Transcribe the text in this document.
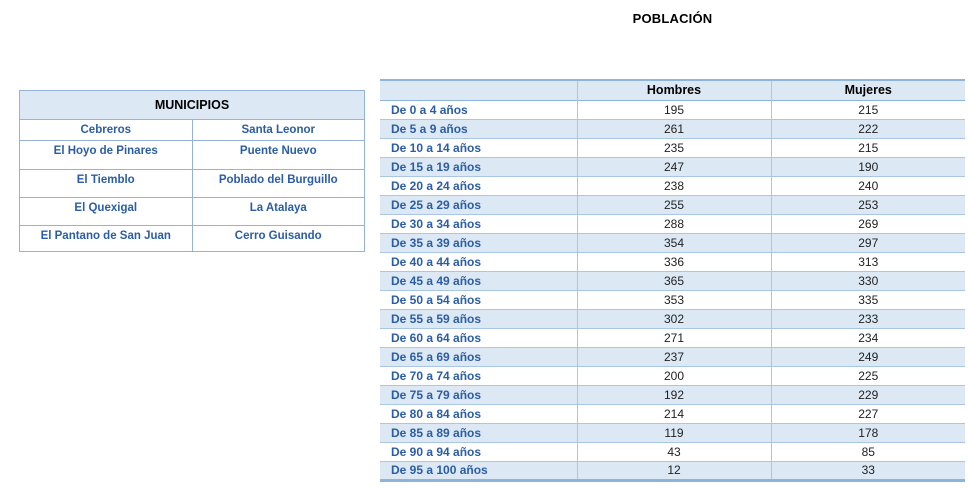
POBLACIÓN
MUNICIPIOS	
Cebreros	Santa Leonor
El Hoyo de Pinares	Puente Nuevo
El Tiemblo	Poblado del Burguillo
El Quexigal	La Atalaya
El Pantano de San Juan	Cerro Guisando
	Hombres	Mujeres
De 0 a 4 años	195	215
De 5 a 9 años	261	222
De 10 a 14 años	235	215
De 15 a 19 años	247	190
De 20 a 24 años	238	240
De 25 a 29 años	255	253
De 30 a 34 años	288	269
De 35 a 39 años	354	297
De 40 a 44 años	336	313
De 45 a 49 años	365	330
De 50 a 54 años	353	335
De 55 a 59 años	302	233
De 60 a 64 años	271	234
De 65 a 69 años	237	249
De 70 a 74 años	200	225
De 75 a 79 años	192	229
De 80 a 84 años	214	227
De 85 a 89 años	119	178
De 90 a 94 años	43	85
De 95 a 100 años	12	33
